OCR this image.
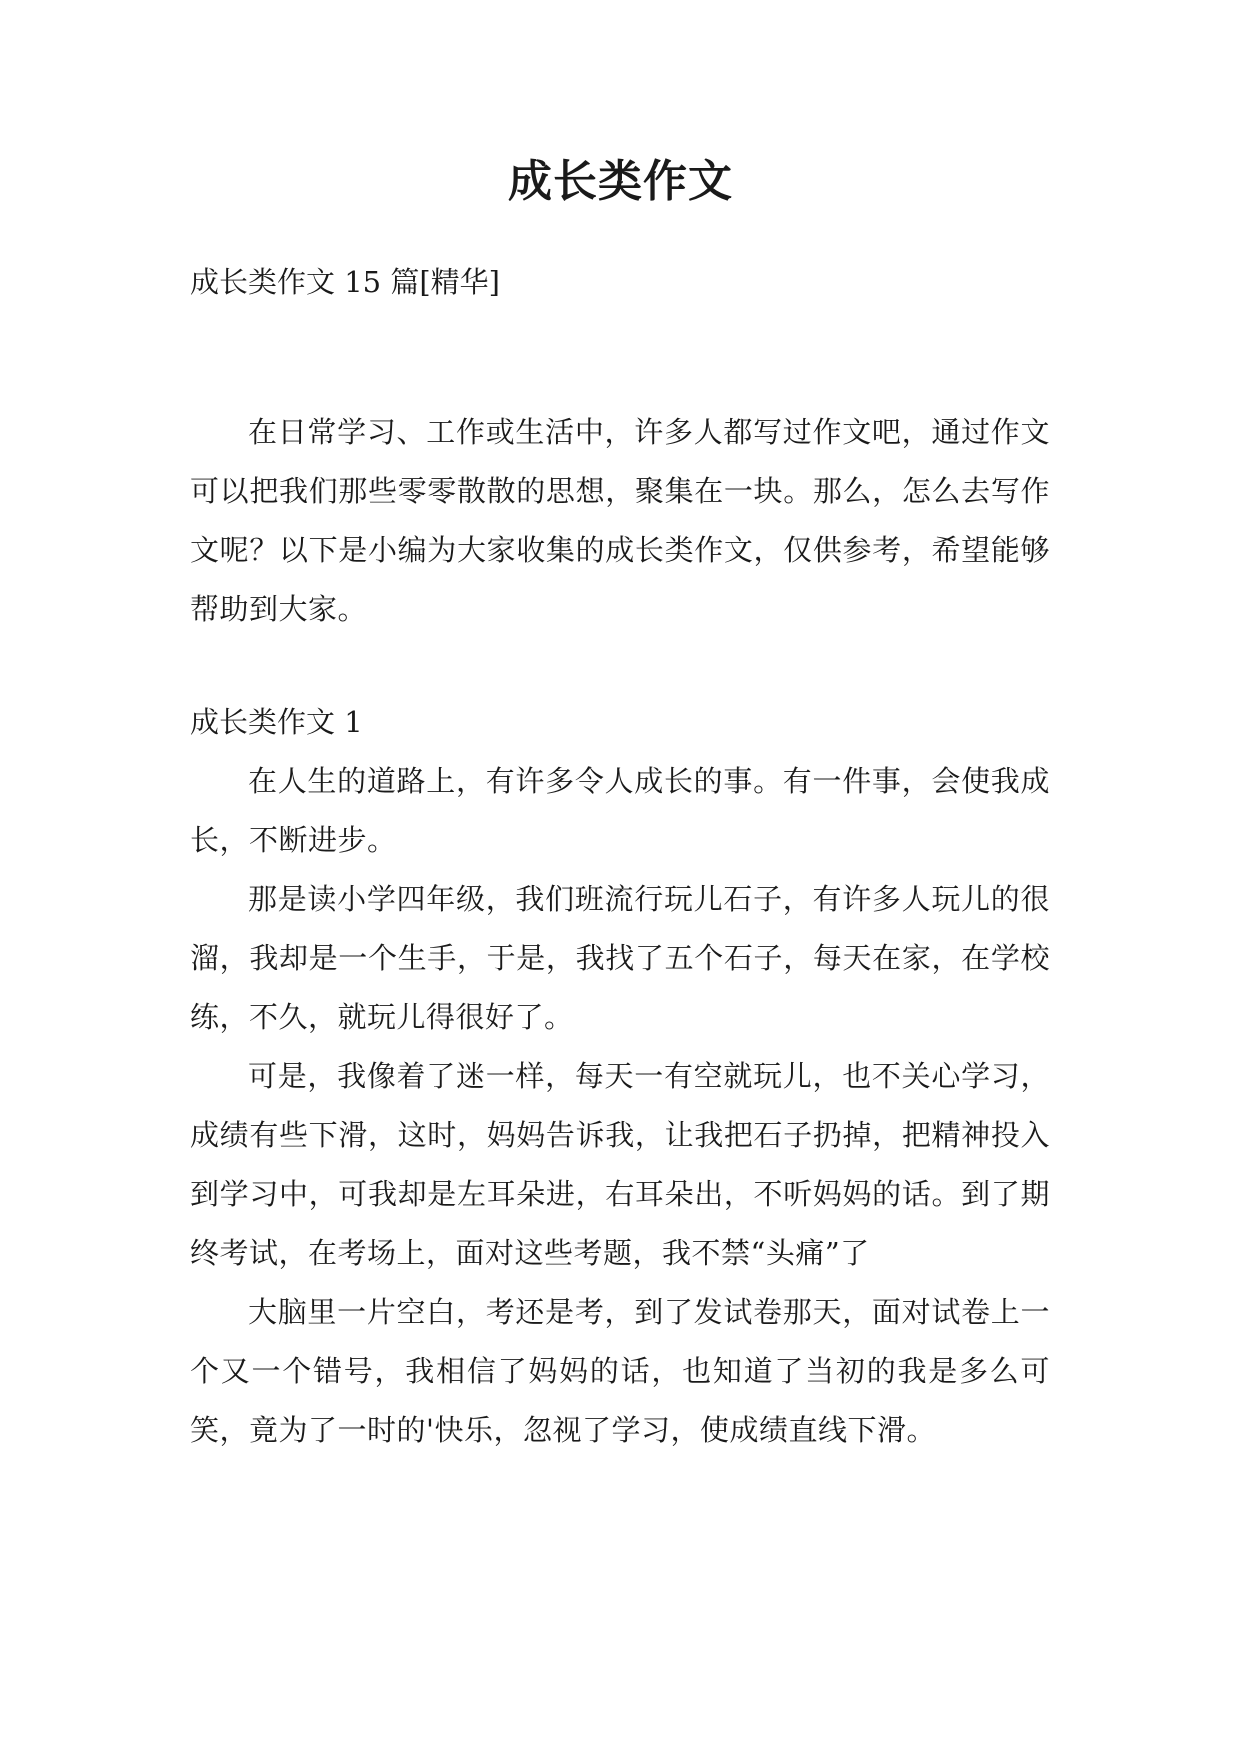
成长类作文
成长类作文 15 篇[精华]

在日常学习、工作或生活中，许多人都写过作文吧，通过作文可以把我们那些零零散散的思想，聚集在一块。那么，怎么去写作文呢？以下是小编为大家收集的成长类作文，仅供参考，希望能够帮助到大家。

成长类作文 1

在人生的道路上，有许多令人成长的事。有一件事，会使我成长，不断进步。

那是读小学四年级，我们班流行玩儿石子，有许多人玩儿的很溜，我却是一个生手，于是，我找了五个石子，每天在家，在学校练，不久，就玩儿得很好了。

可是，我像着了迷一样，每天一有空就玩儿，也不关心学习，成绩有些下滑，这时，妈妈告诉我，让我把石子扔掉，把精神投入到学习中，可我却是左耳朵进，右耳朵出，不听妈妈的话。到了期终考试，在考场上，面对这些考题，我不禁“头痛”了

大脑里一片空白，考还是考，到了发试卷那天，面对试卷上一个又一个错号，我相信了妈妈的话，也知道了当初的我是多么可笑，竟为了一时的'快乐，忽视了学习，使成绩直线下滑。
